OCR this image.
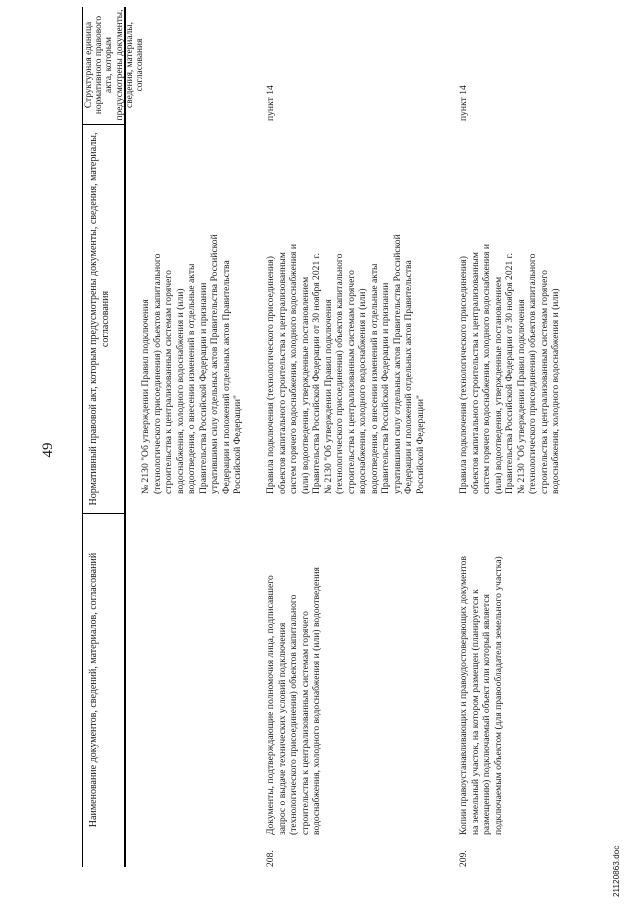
49
Наименование документов, сведений, материалов, согласований
Нормативный правовой акт, которым предусмотрены документы, сведения, материалы, согласования
Структурная единица нормативного правового акта, которым предусмотрены документы, сведения, материалы, согласования
№ 2130 "Об утверждении Правил подключения
(технологического присоединения) объектов капитального
строительства к централизованным системам горячего
водоснабжения, холодного водоснабжения и (или)
водоотведения, о внесении изменений в отдельные акты
Правительства Российской Федерации и признании
утратившими силу отдельных актов Правительства Российской
Федерации и положений отдельных актов Правительства
Российской Федерации"
208.
Документы, подтверждающие полномочия лица, подписавшего
запрос о выдаче технических условий подключения
(технологического присоединения) объектов капитального
строительства к централизованным системам горячего
водоснабжения, холодного водоснабжения и (или) водоотведения
Правила подключения (технологического присоединения)
объектов капитального строительства к централизованным
систем горячего водоснабжения, холодного водоснабжения и
(или) водоотведения, утвержденные постановлением
Правительства Российской Федерации от 30 ноября 2021 г.
№ 2130 "Об утверждении Правил подключения
(технологического присоединения) объектов капитального
строительства к централизованным системам горячего
водоснабжения, холодного водоснабжения и (или)
водоотведения, о внесении изменений в отдельные акты
Правительства Российской Федерации и признании
утратившими силу отдельных актов Правительства Российской
Федерации и положений отдельных актов Правительства
Российской Федерации"
пункт 14
209.
Копии правоустанавливающих и правоудостоверяющих документов
на земельный участок, на котором размещен (планируется к
размещению) подключаемый объект или который является
подключаемым объектом (для правообладателя земельного участка)
Правила подключения (технологического присоединения)
объектов капитального строительства к централизованным
систем горячего водоснабжения, холодного водоснабжения и
(или) водоотведения, утвержденные постановлением
Правительства Российской Федерации от 30 ноября 2021 г.
№ 2130 "Об утверждении Правил подключения
(технологического присоединения) объектов капитального
строительства к централизованным системам горячего
водоснабжения, холодного водоснабжения и (или)
пункт 14
21120863.doc
